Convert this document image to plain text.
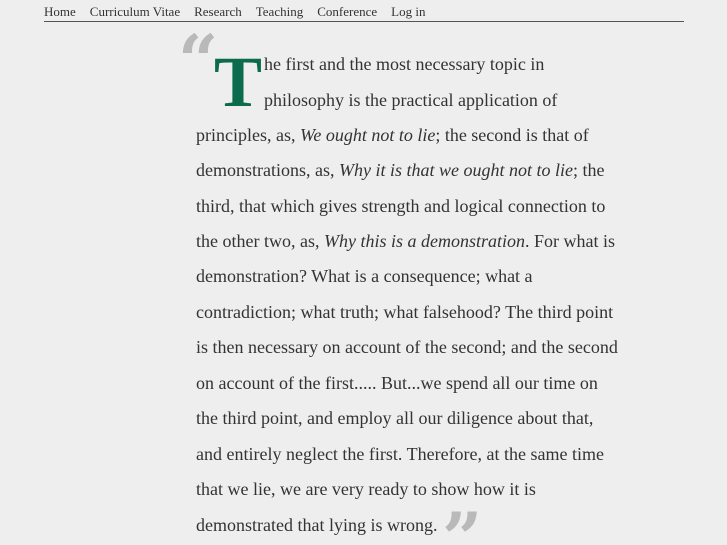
Home Curriculum Vitae Research Teaching Conference Log in
“
T he first and the most necessary topic in
philosophy is the practical application of
principles, as, We ought not to lie; the second is that of
demonstrations, as, Why it is that we ought not to lie; the
third, that which gives strength and logical connection to
the other two, as, Why this is a demonstration. For what is
demonstration? What is a consequence; what a
contradiction; what truth; what falsehood? The third point
is then necessary on account of the second; and the second
on account of the first..... But...we spend all our time on
the third point, and employ all our diligence about that,
and entirely neglect the first. Therefore, at the same time
that we lie, we are very ready to show how it is
demonstrated that lying is wrong. ”
